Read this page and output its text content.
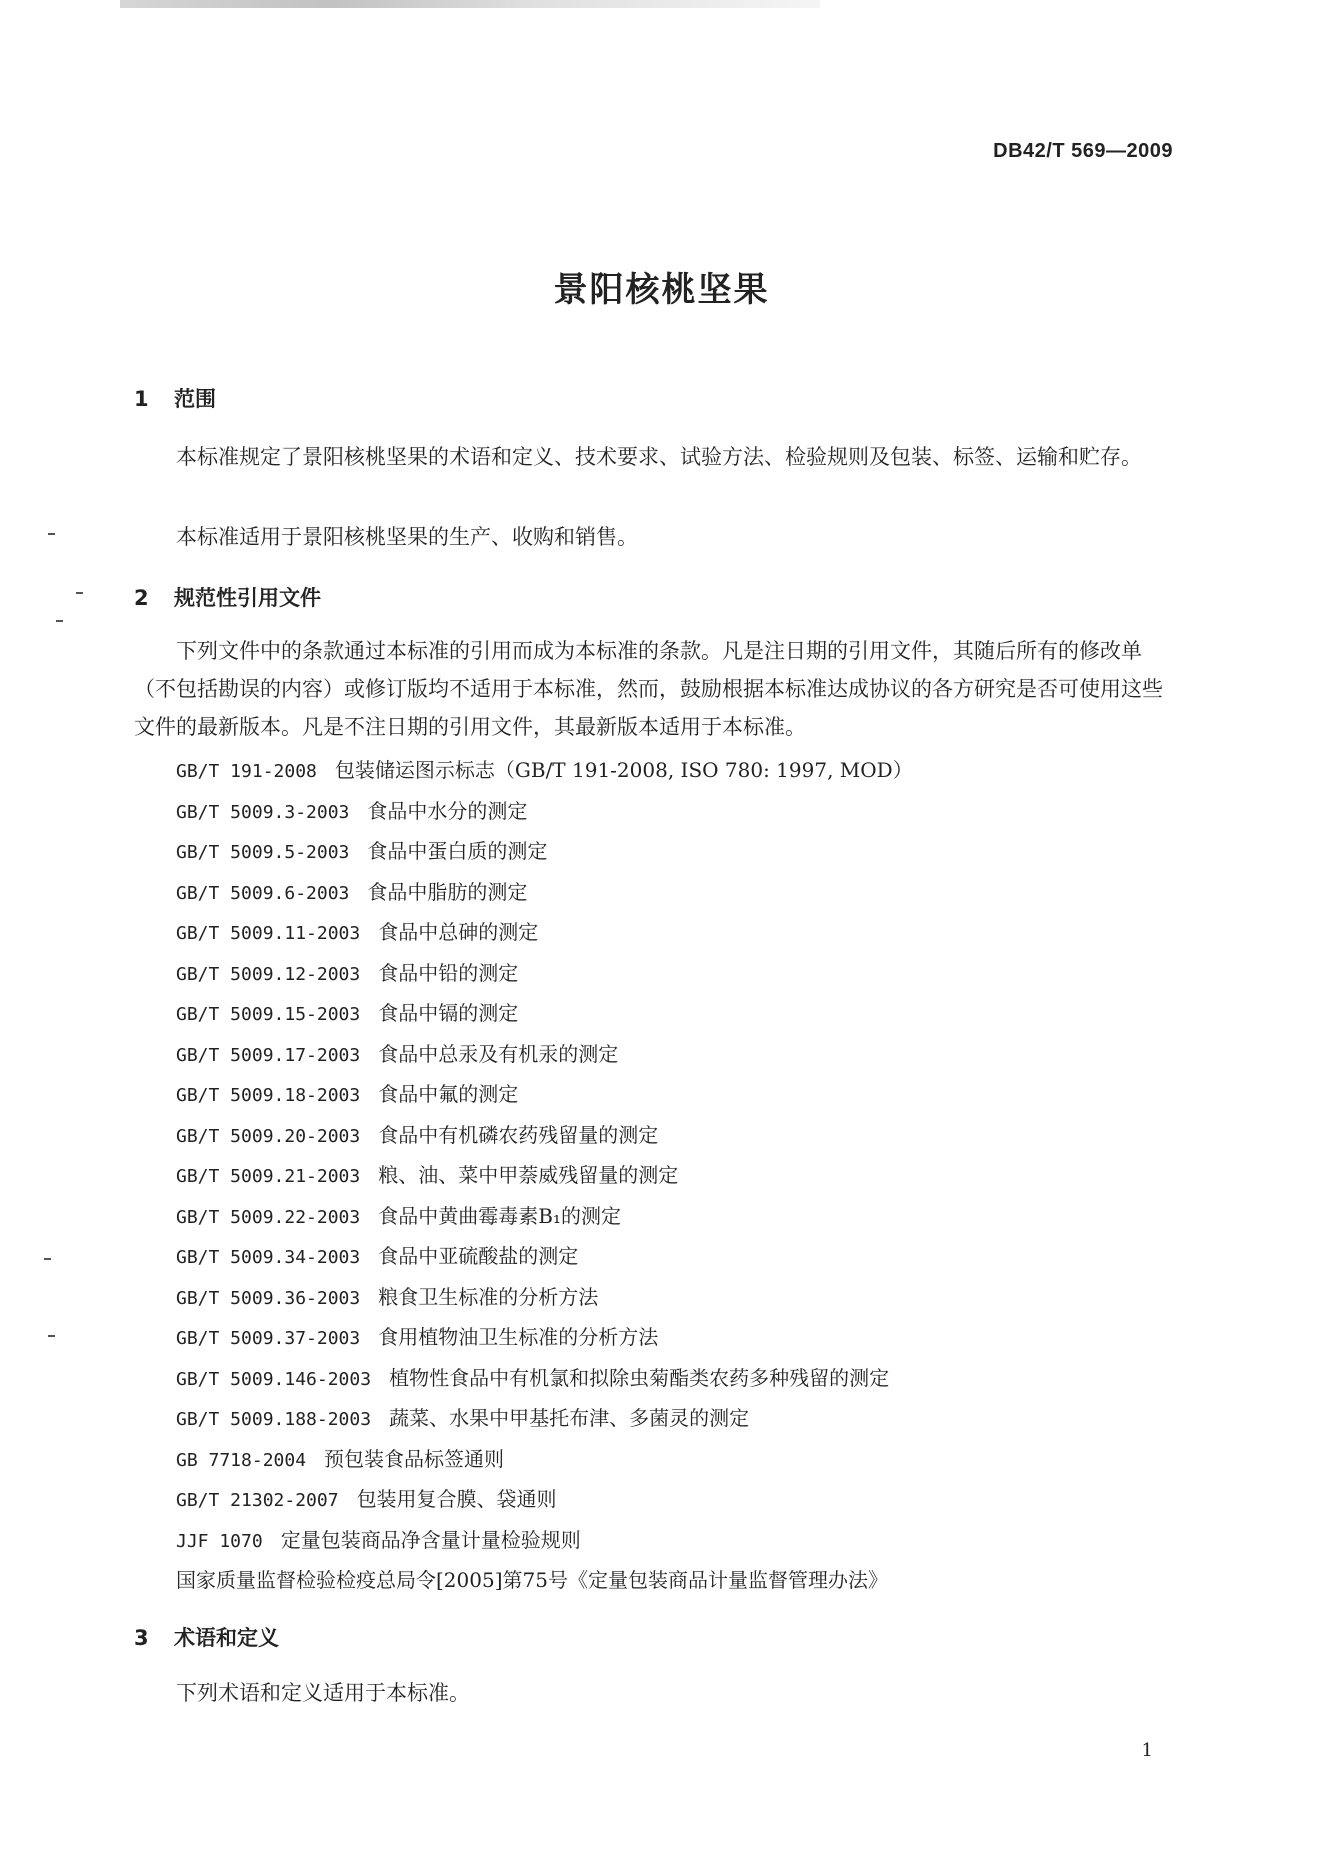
DB42/T 569—2009
景阳核桃坚果
1 范围
本标准规定了景阳核桃坚果的术语和定义、技术要求、试验方法、检验规则及包装、标签、运输和贮存。
本标准适用于景阳核桃坚果的生产、收购和销售。
2 规范性引用文件
下列文件中的条款通过本标准的引用而成为本标准的条款。凡是注日期的引用文件，其随后所有的修改单（不包括勘误的内容）或修订版均不适用于本标准，然而，鼓励根据本标准达成协议的各方研究是否可使用这些文件的最新版本。凡是不注日期的引用文件，其最新版本适用于本标准。
GB/T 191-2008 包装储运图示标志（GB/T 191-2008, ISO 780: 1997, MOD）
GB/T 5009.3-2003 食品中水分的测定
GB/T 5009.5-2003 食品中蛋白质的测定
GB/T 5009.6-2003 食品中脂肪的测定
GB/T 5009.11-2003 食品中总砷的测定
GB/T 5009.12-2003 食品中铅的测定
GB/T 5009.15-2003 食品中镉的测定
GB/T 5009.17-2003 食品中总汞及有机汞的测定
GB/T 5009.18-2003 食品中氟的测定
GB/T 5009.20-2003 食品中有机磷农药残留量的测定
GB/T 5009.21-2003 粮、油、菜中甲萘威残留量的测定
GB/T 5009.22-2003 食品中黄曲霉毒素B₁的测定
GB/T 5009.34-2003 食品中亚硫酸盐的测定
GB/T 5009.36-2003 粮食卫生标准的分析方法
GB/T 5009.37-2003 食用植物油卫生标准的分析方法
GB/T 5009.146-2003 植物性食品中有机氯和拟除虫菊酯类农药多种残留的测定
GB/T 5009.188-2003 蔬菜、水果中甲基托布津、多菌灵的测定
GB 7718-2004 预包装食品标签通则
GB/T 21302-2007 包装用复合膜、袋通则
JJF 1070 定量包装商品净含量计量检验规则
国家质量监督检验检疫总局令[2005]第75号《定量包装商品计量监督管理办法》
3 术语和定义
下列术语和定义适用于本标准。
1
